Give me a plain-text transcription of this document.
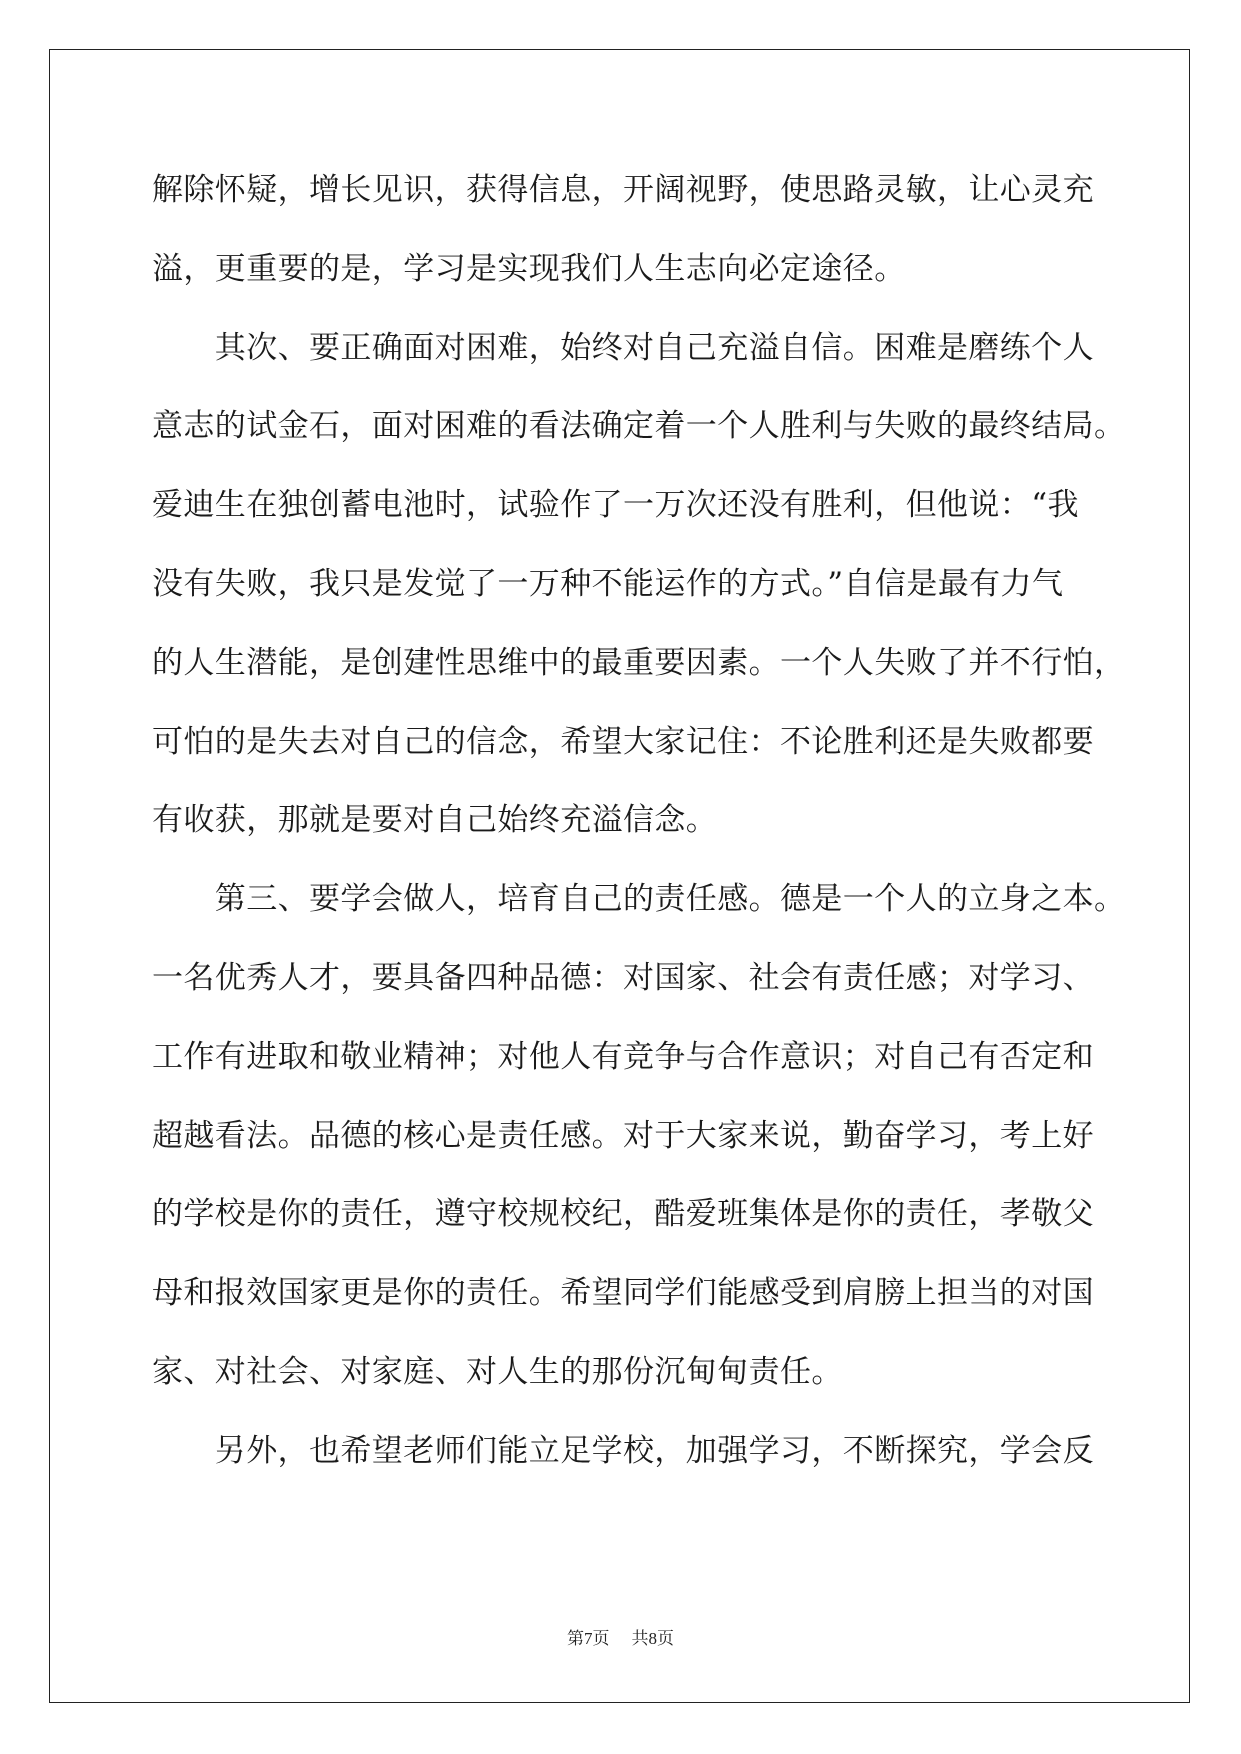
解除怀疑，增长见识，获得信息，开阔视野，使思路灵敏，让心灵充
溢，更重要的是，学习是实现我们人生志向必定途径。
　　其次、要正确面对困难，始终对自己充溢自信。困难是磨练个人
意志的试金石，面对困难的看法确定着一个人胜利与失败的最终结局。
爱迪生在独创蓄电池时，试验作了一万次还没有胜利，但他说：“我
没有失败，我只是发觉了一万种不能运作的方式。”自信是最有力气
的人生潜能，是创建性思维中的最重要因素。一个人失败了并不行怕，
可怕的是失去对自己的信念，希望大家记住：不论胜利还是失败都要
有收获，那就是要对自己始终充溢信念。
　　第三、要学会做人，培育自己的责任感。德是一个人的立身之本。
一名优秀人才，要具备四种品德：对国家、社会有责任感；对学习、
工作有进取和敬业精神；对他人有竞争与合作意识；对自己有否定和
超越看法。品德的核心是责任感。对于大家来说，勤奋学习，考上好
的学校是你的责任，遵守校规校纪，酷爱班集体是你的责任，孝敬父
母和报效国家更是你的责任。希望同学们能感受到肩膀上担当的对国
家、对社会、对家庭、对人生的那份沉甸甸责任。
　　另外，也希望老师们能立足学校，加强学习，不断探究，学会反
第7页 共8页
